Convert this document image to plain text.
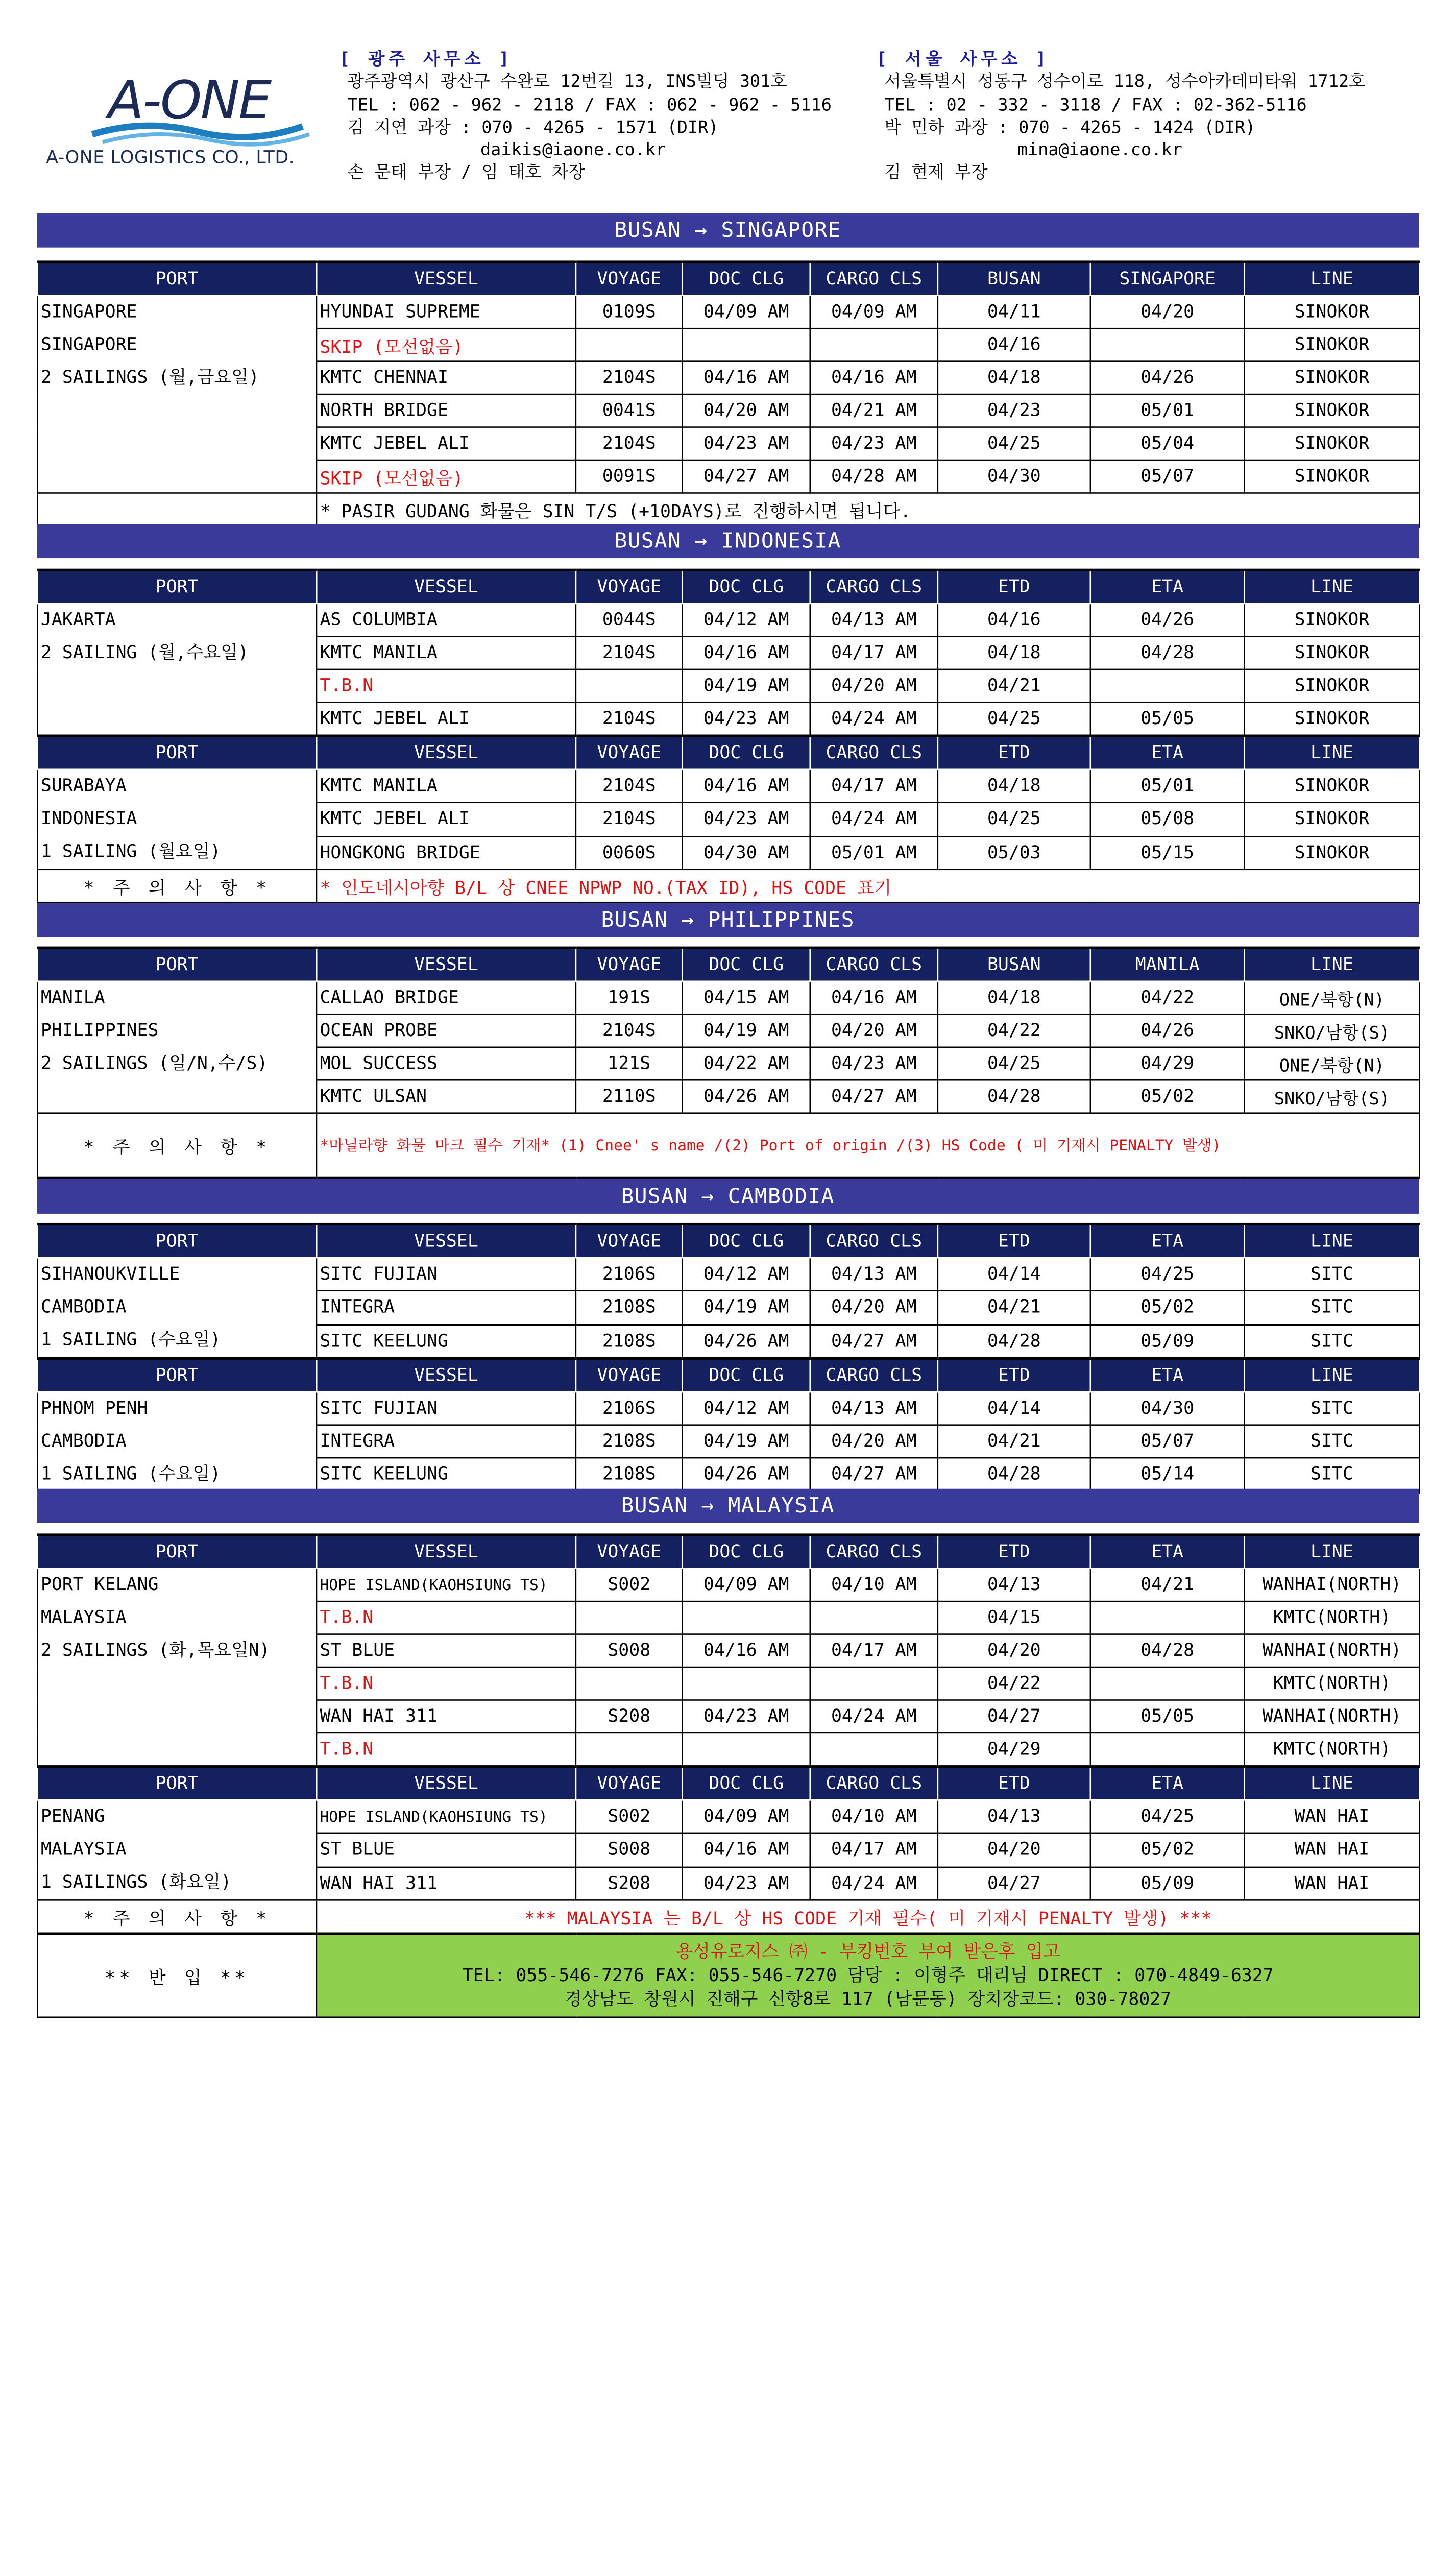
A-ONE
A-ONE LOGISTICS CO., LTD.
[ 광주 사무소 ]
광주광역시 광산구 수완로 12번길 13, INS빌딩 301호
TEL : 062 - 962 - 2118 / FAX : 062 - 962 - 5116
김 지연 과장 : 070 - 4265 - 1571 (DIR)
daikis@iaone.co.kr
손 문태 부장 / 임 태호 차장
[ 서울 사무소 ]
서울특별시 성동구 성수이로 118, 성수아카데미타워 1712호
TEL : 02 - 332 - 3118 / FAX : 02-362-5116
박 민하 과장 : 070 - 4265 - 1424 (DIR)
mina@iaone.co.kr
김 현제 부장
BUSAN → SINGAPORE
PORT	VESSEL	VOYAGE	DOC CLG	CARGO CLS	BUSAN	SINGAPORE	LINE

SINGAPORE
SINGAPORE
2 SAILINGS (월,금요일)	HYUNDAI SUPREME	0109S	04/09 AM	04/09 AM	04/11	04/20	SINOKOR
	SKIP (모선없음)				04/16		SINOKOR
	KMTC CHENNAI	2104S	04/16 AM	04/16 AM	04/18	04/26	SINOKOR
	NORTH BRIDGE	0041S	04/20 AM	04/21 AM	04/23	05/01	SINOKOR
	KMTC JEBEL ALI	2104S	04/23 AM	04/23 AM	04/25	05/04	SINOKOR
	SKIP (모선없음)	0091S	04/27 AM	04/28 AM	04/30	05/07	SINOKOR
	* PASIR GUDANG 화물은 SIN T/S (+10DAYS)로 진행하시면 됩니다.						
BUSAN → INDONESIA
PORT	VESSEL	VOYAGE	DOC CLG	CARGO CLS	ETD	ETA	LINE

JAKARTA
2 SAILING (월,수요일)	AS COLUMBIA	0044S	04/12 AM	04/13 AM	04/16	04/26	SINOKOR
	KMTC MANILA	2104S	04/16 AM	04/17 AM	04/18	04/28	SINOKOR
	T.B.N		04/19 AM	04/20 AM	04/21		SINOKOR
	KMTC JEBEL ALI	2104S	04/23 AM	04/24 AM	04/25	05/05	SINOKOR
PORT	VESSEL	VOYAGE	DOC CLG	CARGO CLS	ETD	ETA	LINE

SURABAYA
INDONESIA
1 SAILING (월요일)	KMTC MANILA	2104S	04/16 AM	04/17 AM	04/18	05/01	SINOKOR
	KMTC JEBEL ALI	2104S	04/23 AM	04/24 AM	04/25	05/08	SINOKOR
	HONGKONG BRIDGE	0060S	04/30 AM	05/01 AM	05/03	05/15	SINOKOR
* 주 의 사 항 *	* 인도네시아향 B/L 상 CNEE NPWP NO.(TAX ID), HS CODE 표기						
BUSAN → PHILIPPINES
PORT	VESSEL	VOYAGE	DOC CLG	CARGO CLS	BUSAN	MANILA	LINE

MANILA
PHILIPPINES
2 SAILINGS (일/N,수/S)	CALLAO BRIDGE	191S	04/15 AM	04/16 AM	04/18	04/22	ONE/북항(N)
	OCEAN PROBE	2104S	04/19 AM	04/20 AM	04/22	04/26	SNKO/남항(S)
	MOL SUCCESS	121S	04/22 AM	04/23 AM	04/25	04/29	ONE/북항(N)
	KMTC ULSAN	2110S	04/26 AM	04/27 AM	04/28	05/02	SNKO/남항(S)
* 주 의 사 항 *	*마닐라향 화물 마크 필수 기재* (1) Cnee' s name /(2) Port of origin /(3) HS Code ( 미 기재시 PENALTY 발생)						
BUSAN → CAMBODIA
PORT	VESSEL	VOYAGE	DOC CLG	CARGO CLS	ETD	ETA	LINE

SIHANOUKVILLE
CAMBODIA
1 SAILING (수요일)	SITC FUJIAN	2106S	04/12 AM	04/13 AM	04/14	04/25	SITC
	INTEGRA	2108S	04/19 AM	04/20 AM	04/21	05/02	SITC
	SITC KEELUNG	2108S	04/26 AM	04/27 AM	04/28	05/09	SITC
PORT	VESSEL	VOYAGE	DOC CLG	CARGO CLS	ETD	ETA	LINE

PHNOM PENH
CAMBODIA
1 SAILING (수요일)	SITC FUJIAN	2106S	04/12 AM	04/13 AM	04/14	04/30	SITC
	INTEGRA	2108S	04/19 AM	04/20 AM	04/21	05/07	SITC
	SITC KEELUNG	2108S	04/26 AM	04/27 AM	04/28	05/14	SITC
BUSAN → MALAYSIA
PORT	VESSEL	VOYAGE	DOC CLG	CARGO CLS	ETD	ETA	LINE

PORT KELANG
MALAYSIA
2 SAILINGS (화,목요일N)	HOPE ISLAND(KAOHSIUNG TS)	S002	04/09 AM	04/10 AM	04/13	04/21	WANHAI(NORTH)
	T.B.N				04/15		KMTC(NORTH)
	ST BLUE	S008	04/16 AM	04/17 AM	04/20	04/28	WANHAI(NORTH)
	T.B.N				04/22		KMTC(NORTH)
	WAN HAI 311	S208	04/23 AM	04/24 AM	04/27	05/05	WANHAI(NORTH)
	T.B.N				04/29		KMTC(NORTH)
PORT	VESSEL	VOYAGE	DOC CLG	CARGO CLS	ETD	ETA	LINE

PENANG
MALAYSIA
1 SAILINGS (화요일)	HOPE ISLAND(KAOHSIUNG TS)	S002	04/09 AM	04/10 AM	04/13	04/25	WAN HAI
	ST BLUE	S008	04/16 AM	04/17 AM	04/20	05/02	WAN HAI
	WAN HAI 311	S208	04/23 AM	04/24 AM	04/27	05/09	WAN HAI
* 주 의 사 항 *	*** MALAYSIA 는 B/L 상 HS CODE 기재 필수( 미 기재시 PENALTY 발생) ***						
** 반 입 **	용성유로지스 ㈜ - 부킹번호 부여 받은후 입고
TEL: 055-546-7276 FAX: 055-546-7270 담당 : 이형주 대리님 DIRECT : 070-4849-6327
경상남도 창원시 진해구 신항8로 117 (남문동) 장치장코드: 030-78027						
